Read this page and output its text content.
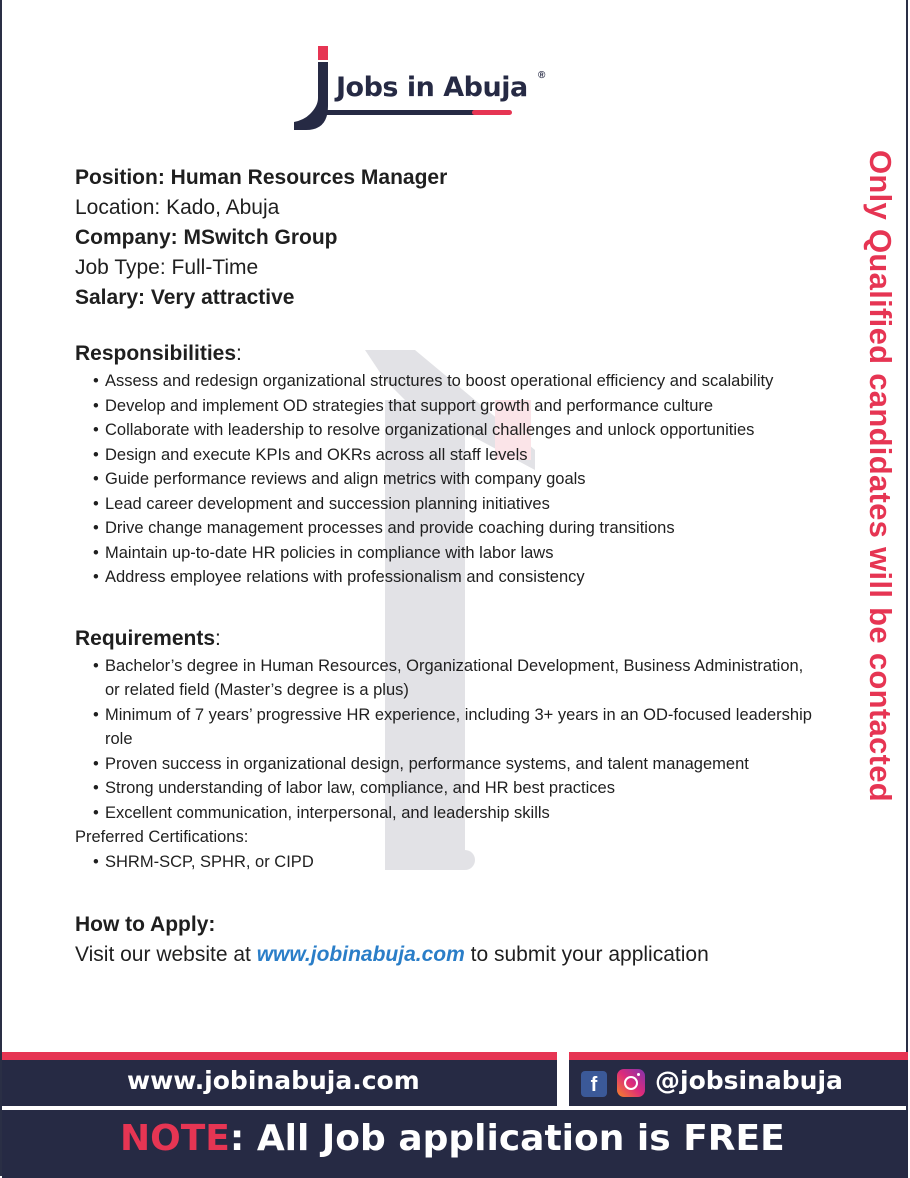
Jobs in Abuja ®
Only Qualified candidates will be contacted

Position: Human Resources Manager

Location: Kado, Abuja

Company: MSwitch Group

Job Type: Full-Time

Salary: Very attractive

Responsibilities:

• Assess and redesign organizational structures to boost operational efficiency and scalability
• Develop and implement OD strategies that support growth and performance culture
• Collaborate with leadership to resolve organizational challenges and unlock opportunities
• Design and execute KPIs and OKRs across all staff levels
• Guide performance reviews and align metrics with company goals
• Lead career development and succession planning initiatives
• Drive change management processes and provide coaching during transitions
• Maintain up-to-date HR policies in compliance with labor laws
• Address employee relations with professionalism and consistency

Requirements:

• Bachelor’s degree in Human Resources, Organizational Development, Business Administration, or related field (Master’s degree is a plus)
• Minimum of 7 years’ progressive HR experience, including 3+ years in an OD-focused leadership role
• Proven success in organizational design, performance systems, and talent management
• Strong understanding of labor law, compliance, and HR best practices
• Excellent communication, interpersonal, and leadership skills

Preferred Certifications:

• SHRM-SCP, SPHR, or CIPD

How to Apply:

Visit our website at www.jobinabuja.com to submit your application

www.jobinabuja.com	f	@jobsinabuja
NOTE: All Job application is FREE
